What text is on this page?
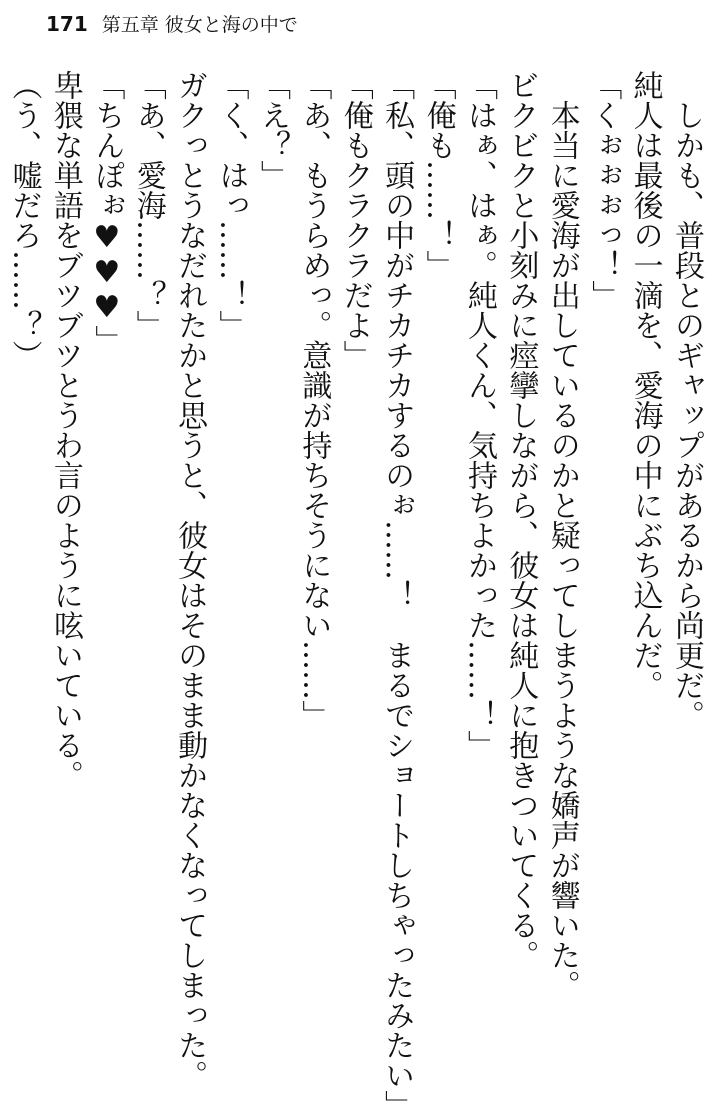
171 第五章 彼女と海の中で
しかも、普段とのギャップがあるから尚更だ。
純人は最後の一滴を、愛海の中にぶち込んだ。
「くぉぉぉっ！」
本当に愛海が出しているのかと疑ってしまうような嬌声が響いた。
ビクビクと小刻みに痙攣しながら、彼女は純人に抱きついてくる。
「はぁ、はぁ。純人くん、気持ちよかった……！」
「俺も……！」
「私、頭の中がチカチカするのぉ……！　まるでショートしちゃったみたい」
「俺もクラクラだよ」
「あ、もうらめっ。意識が持ちそうにない……」
「え？」
「く、はっ……！」
ガクっとうなだれたかと思うと、彼女はそのまま動かなくなってしまった。
「あ、愛海……？」
「ちんぽぉ♥♥♥」
卑猥な単語をブツブツとうわ言のように呟いている。
（う、嘘だろ……？）
